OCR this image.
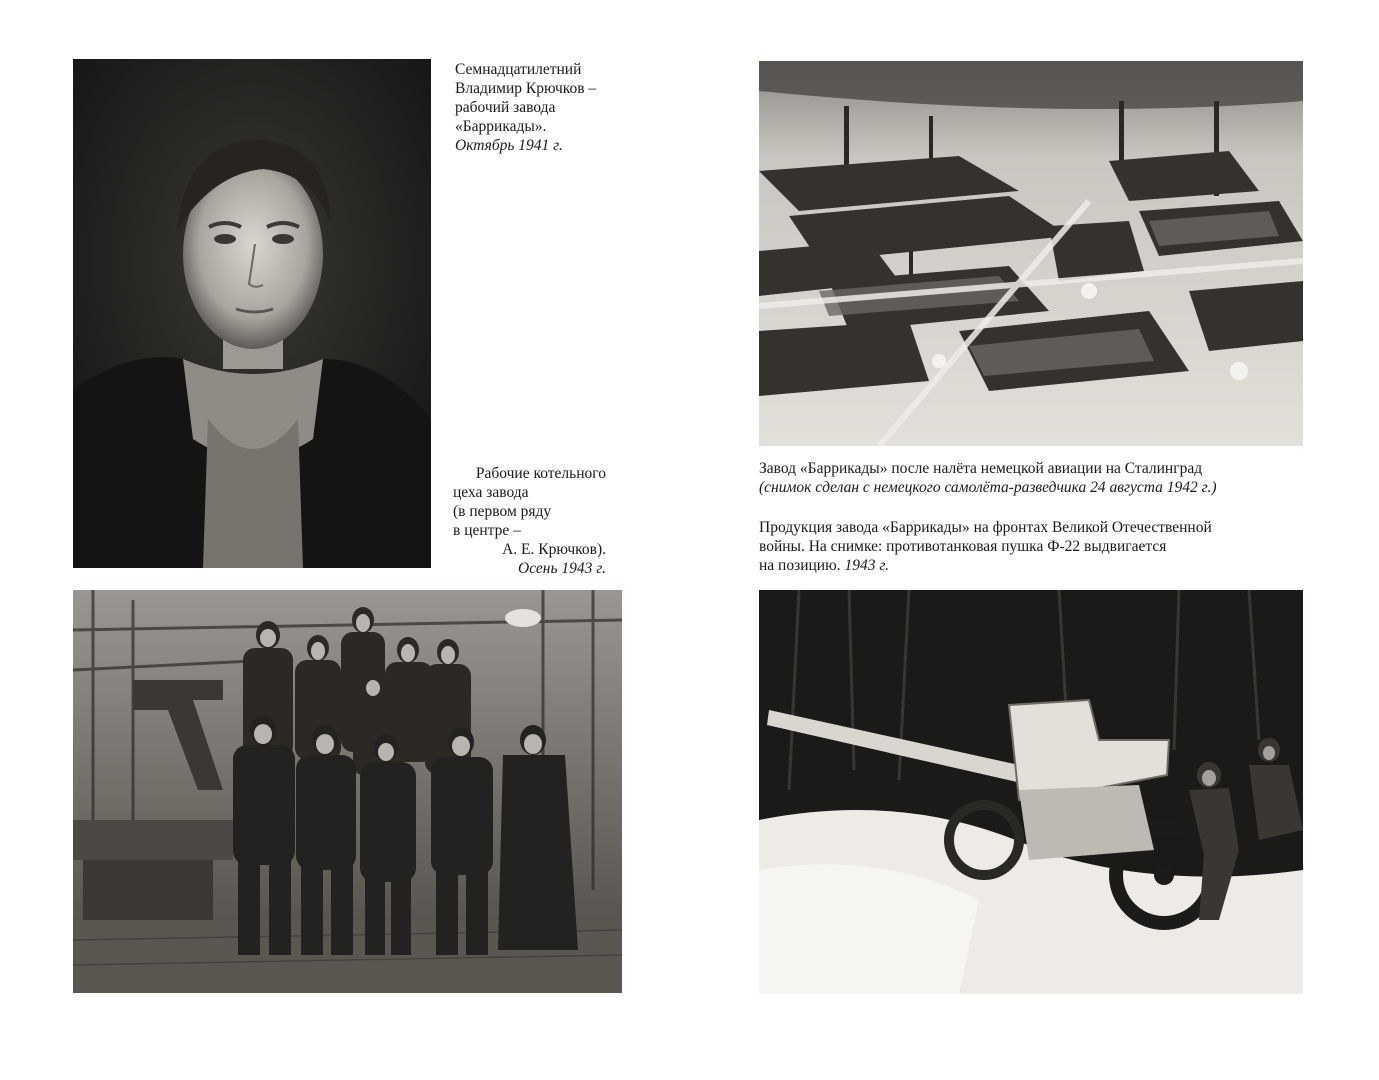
Семнадцатилетний
Владимир Крючков –
рабочий завода
«Баррикады».
Октябрь 1941 г.
Рабочие котельного
цеха завода
(в первом ряду
в центре –
А. Е. Крючков).
Осень 1943 г.
Завод «Баррикады» после налёта немецкой авиации на Сталинград
(снимок сделан с немецкого самолёта-разведчика 24 августа 1942 г.)
Продукция завода «Баррикады» на фронтах Великой Отечественной
войны. На снимке: противотанковая пушка Ф-22 выдвигается
на позицию. 1943 г.
